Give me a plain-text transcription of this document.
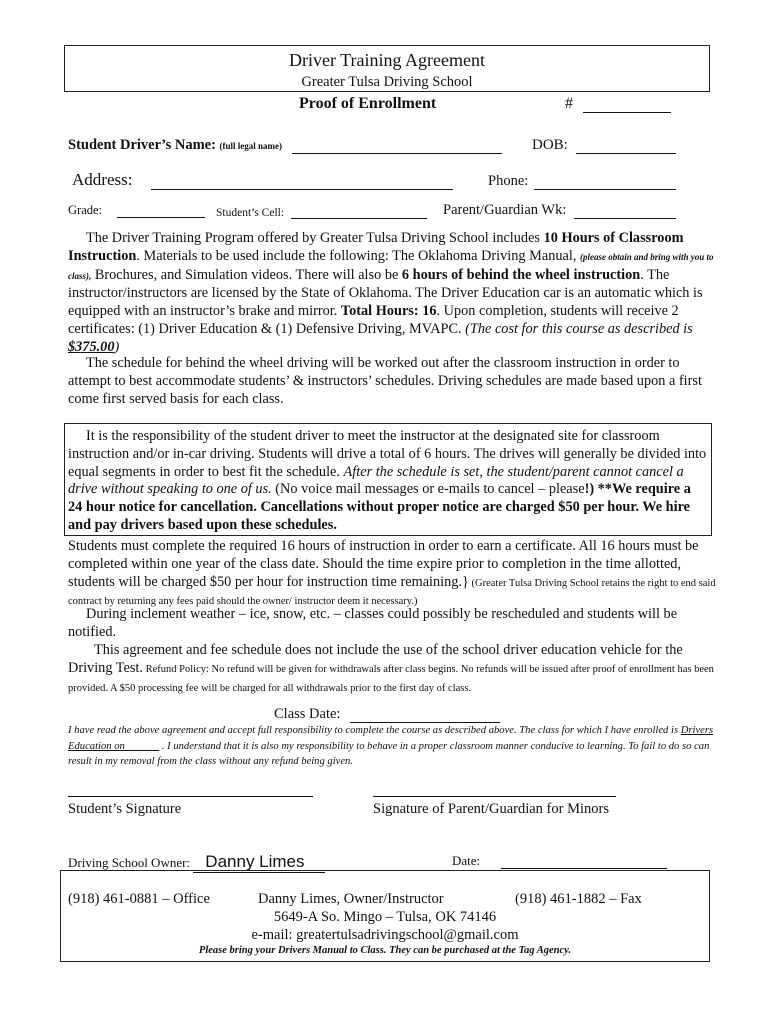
Driver Training Agreement
Greater Tulsa Driving School
Proof of Enrollment	#
Student Driver’s Name: (full legal name)	DOB:
Address:	Phone:
Grade:	Student’s Cell:	Parent/Guardian Wk:
The Driver Training Program offered by Greater Tulsa Driving School includes 10 Hours of Classroom Instruction. Materials to be used include the following: The Oklahoma Driving Manual, (please obtain and bring with you to class), Brochures, and Simulation videos. There will also be 6 hours of behind the wheel instruction. The instructor/instructors are licensed by the State of Oklahoma. The Driver Education car is an automatic which is equipped with an instructor’s brake and mirror. Total Hours: 16. Upon completion, students will receive 2 certificates: (1) Driver Education & (1) Defensive Driving, MVAPC. (The cost for this course as described is $375.00)
The schedule for behind the wheel driving will be worked out after the classroom instruction in order to attempt to best accommodate students’ & instructors’ schedules. Driving schedules are made based upon a first come first served basis for each class.
It is the responsibility of the student driver to meet the instructor at the designated site for classroom instruction and/or in-car driving. Students will drive a total of 6 hours. The drives will generally be divided into equal segments in order to best fit the schedule. After the schedule is set, the student/parent cannot cancel a drive without speaking to one of us. (No voice mail messages or e-mails to cancel – please!) **We require a 24 hour notice for cancellation. Cancellations without proper notice are charged $50 per hour. We hire and pay drivers based upon these schedules.
Students must complete the required 16 hours of instruction in order to earn a certificate. All 16 hours must be completed within one year of the class date. Should the time expire prior to completion in the time allotted, students will be charged $50 per hour for instruction time remaining.} (Greater Tulsa Driving School retains the right to end said contract by returning any fees paid should the owner/ instructor deem it necessary.)
During inclement weather – ice, snow, etc. – classes could possibly be rescheduled and students will be notified.
This agreement and fee schedule does not include the use of the school driver education vehicle for the Driving Test. Refund Policy: No refund will be given for withdrawals after class begins. No refunds will be issued after proof of enrollment has been provided. A $50 processing fee will be charged for all withdrawals prior to the first day of class.
Class Date:
I have read the above agreement and accept full responsibility to complete the course as described above. The class for which I have enrolled is Drivers Education on ______ . I understand that it is also my responsibility to behave in a proper classroom manner conducive to learning. To fail to do so can result in my removal from the class without any refund being given.
Student’s Signature	Signature of Parent/Guardian for Minors
Driving School Owner: Danny Limes	Date:
(918) 461-0881 – Office	Danny Limes, Owner/Instructor	(918) 461-1882 – Fax
5649-A So. Mingo – Tulsa, OK 74146
e-mail: greatertulsadrivingschool@gmail.com
Please bring your Drivers Manual to Class. They can be purchased at the Tag Agency.
